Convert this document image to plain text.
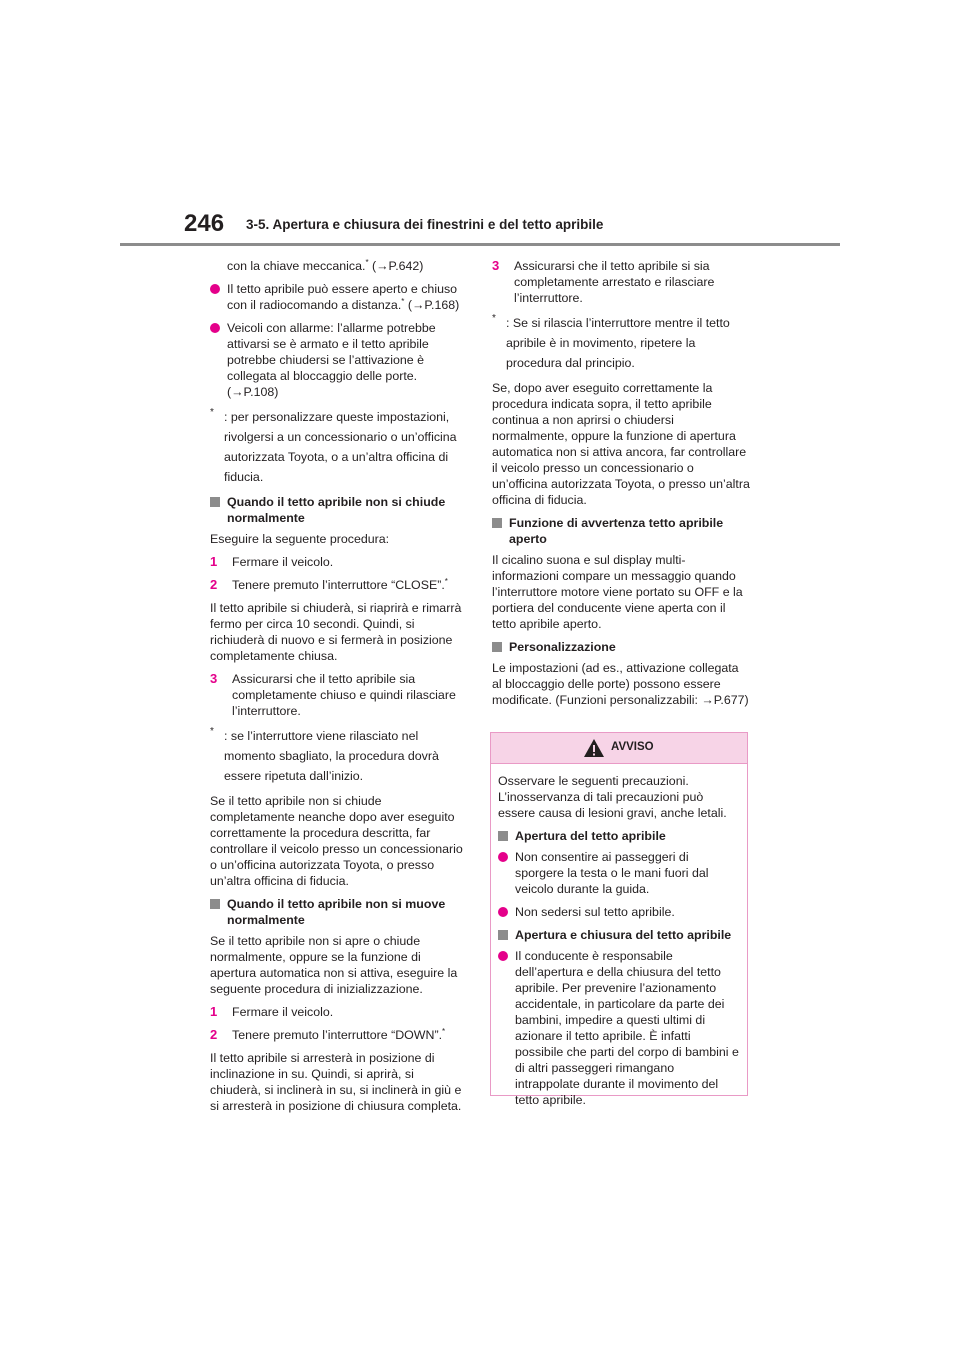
246 3-5. Apertura e chiusura dei finestrini e del tetto apribile

con la chiave meccanica.* (→P.642)

Il tetto apribile può essere aperto e chiuso con il radiocomando a distanza.* (→P.168)
Veicoli con allarme: l’allarme potrebbe attivarsi se è armato e il tetto apribile potrebbe chiudersi se l’attivazione è collegata al bloccaggio delle porte. (→P.108)
* : per personalizzare queste impostazioni, rivolgersi a un concessionario o un’officina autorizzata Toyota, o a un’altra officina di fiducia.
Quando il tetto apribile non si chiude normalmente

Eseguire la seguente procedura:

1 Fermare il veicolo.
2 Tenere premuto l’interruttore “CLOSE”.*

Il tetto apribile si chiuderà, si riaprirà e rimarrà fermo per circa 10 secondi. Quindi, si richiuderà di nuovo e si fermerà in posizione completamente chiusa.

3 Assicurarsi che il tetto apribile sia completamente chiuso e quindi rilasciare l’interruttore.
* : se l’interruttore viene rilasciato nel momento sbagliato, la procedura dovrà essere ripetuta dall’inizio.

Se il tetto apribile non si chiude completamente neanche dopo aver eseguito correttamente la procedura descritta, far controllare il veicolo presso un concessionario o un’officina autorizzata Toyota, o presso un’altra officina di fiducia.

Quando il tetto apribile non si muove normalmente

Se il tetto apribile non si apre o chiude normalmente, oppure se la funzione di apertura automatica non si attiva, eseguire la seguente procedura di inizializzazione.

1 Fermare il veicolo.
2 Tenere premuto l’interruttore “DOWN”.*

Il tetto apribile si arresterà in posizione di inclinazione in su. Quindi, si aprirà, si chiuderà, si inclinerà in su, si inclinerà in giù e si arresterà in posizione di chiusura completa.

3 Assicurarsi che il tetto apribile si sia completamente arrestato e rilasciare l’interruttore.
* : Se si rilascia l’interruttore mentre il tetto apribile è in movimento, ripetere la procedura dal principio.

Se, dopo aver eseguito correttamente la procedura indicata sopra, il tetto apribile continua a non aprirsi o chiudersi normalmente, oppure la funzione di apertura automatica non si attiva ancora, far controllare il veicolo presso un concessionario o un’officina autorizzata Toyota, o presso un’altra officina di fiducia.

Funzione di avvertenza tetto apribile aperto

Il cicalino suona e sul display multi-informazioni compare un messaggio quando l’interruttore motore viene portato su OFF e la portiera del conducente viene aperta con il tetto apribile aperto.

Personalizzazione

Le impostazioni (ad es., attivazione collegata al bloccaggio delle porte) possono essere modificate. (Funzioni personalizzabili: →P.677)

AVVISO

Osservare le seguenti precauzioni. L’inosservanza di tali precauzioni può essere causa di lesioni gravi, anche letali.

Apertura del tetto apribile
Non consentire ai passeggeri di sporgere la testa o le mani fuori dal veicolo durante la guida.
Non sedersi sul tetto apribile.
Apertura e chiusura del tetto apribile
Il conducente è responsabile dell’apertura e della chiusura del tetto apribile. Per prevenire l’azionamento accidentale, in particolare da parte dei bambini, impedire a questi ultimi di azionare il tetto apribile. È infatti possibile che parti del corpo di bambini e di altri passeggeri rimangano intrappolate durante il movimento del tetto apribile.
